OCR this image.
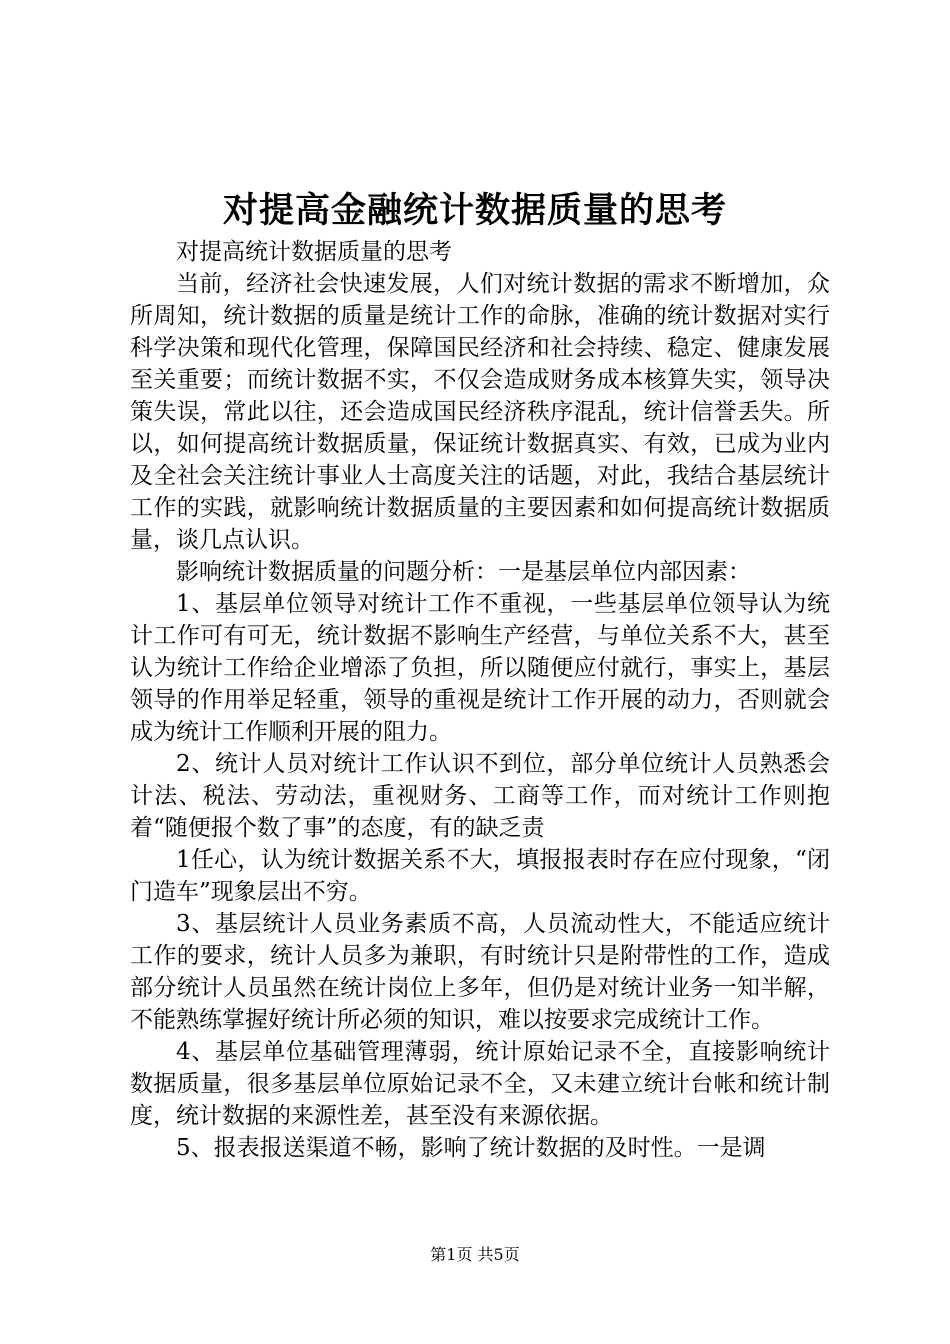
对提高金融统计数据质量的思考

对提高统计数据质量的思考

当前，经济社会快速发展，人们对统计数据的需求不断增加，众所周知，统计数据的质量是统计工作的命脉，准确的统计数据对实行科学决策和现代化管理，保障国民经济和社会持续、稳定、健康发展至关重要；而统计数据不实，不仅会造成财务成本核算失实，领导决策失误，常此以往，还会造成国民经济秩序混乱，统计信誉丢失。所以，如何提高统计数据质量，保证统计数据真实、有效，已成为业内及全社会关注统计事业人士高度关注的话题，对此，我结合基层统计工作的实践，就影响统计数据质量的主要因素和如何提高统计数据质量，谈几点认识。

影响统计数据质量的问题分析：一是基层单位内部因素：

1、基层单位领导对统计工作不重视，一些基层单位领导认为统计工作可有可无，统计数据不影响生产经营，与单位关系不大，甚至认为统计工作给企业增添了负担，所以随便应付就行，事实上，基层领导的作用举足轻重，领导的重视是统计工作开展的动力，否则就会成为统计工作顺利开展的阻力。

2、统计人员对统计工作认识不到位，部分单位统计人员熟悉会计法、税法、劳动法，重视财务、工商等工作，而对统计工作则抱着“随便报个数了事”的态度，有的缺乏责

1任心，认为统计数据关系不大，填报报表时存在应付现象，“闭门造车”现象层出不穷。

3、基层统计人员业务素质不高，人员流动性大，不能适应统计工作的要求，统计人员多为兼职，有时统计只是附带性的工作，造成部分统计人员虽然在统计岗位上多年，但仍是对统计业务一知半解，不能熟练掌握好统计所必须的知识，难以按要求完成统计工作。

4、基层单位基础管理薄弱，统计原始记录不全，直接影响统计数据质量，很多基层单位原始记录不全，又未建立统计台帐和统计制度，统计数据的来源性差，甚至没有来源依据。

5、报表报送渠道不畅，影响了统计数据的及时性。一是调

第1页 共5页
